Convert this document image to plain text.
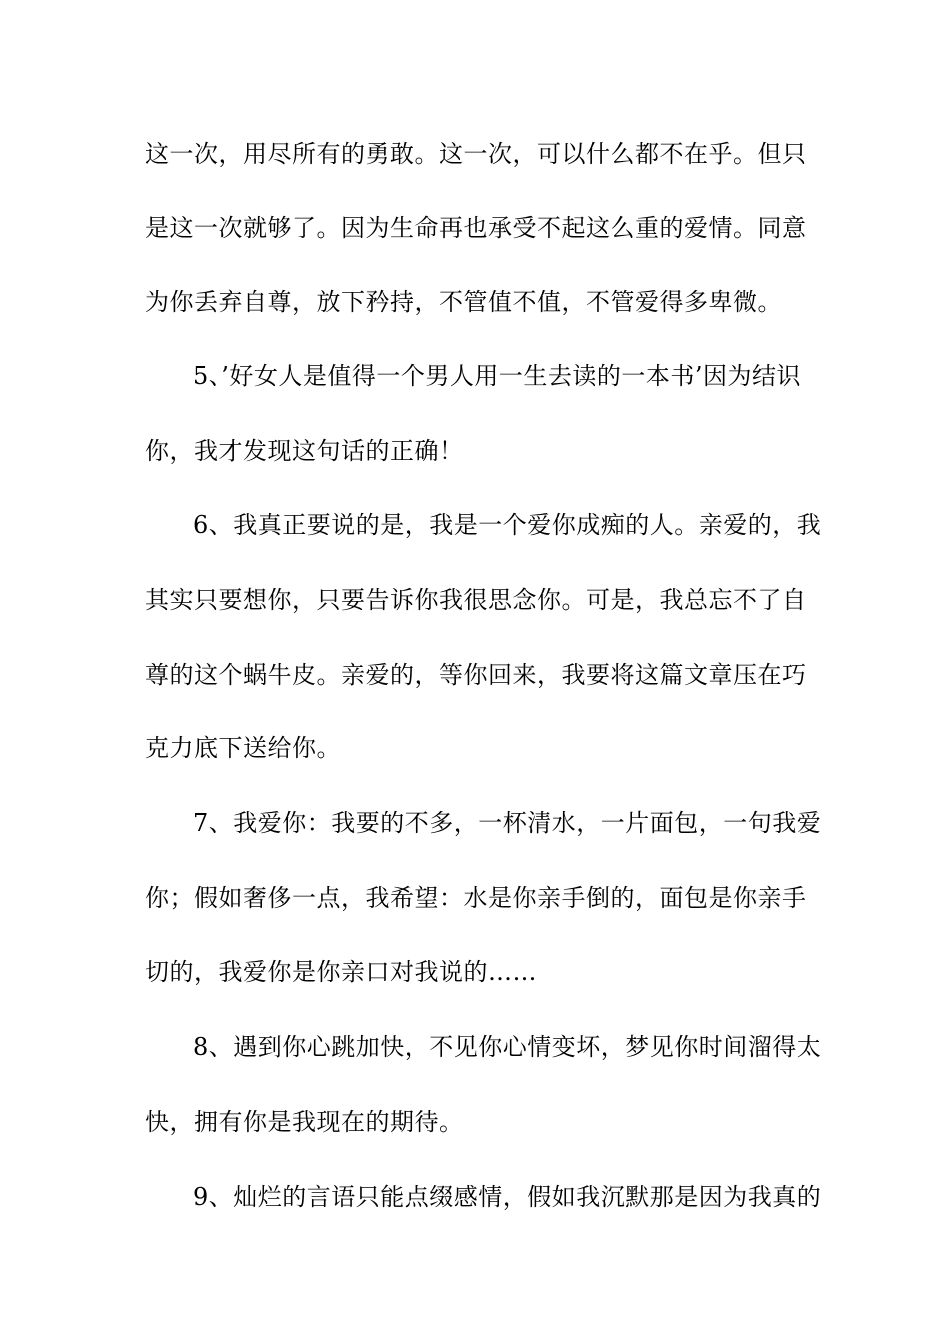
这一次，用尽所有的勇敢。这一次，可以什么都不在乎。但只
是这一次就够了。因为生命再也承受不起这么重的爱情。同意
为你丢弃自尊，放下矜持，不管值不值，不管爱得多卑微。
5、’好女人是值得一个男人用一生去读的一本书’因为结识
你，我才发现这句话的正确！
6、我真正要说的是，我是一个爱你成痴的人。亲爱的，我
其实只要想你，只要告诉你我很思念你。可是，我总忘不了自
尊的这个蜗牛皮。亲爱的，等你回来，我要将这篇文章压在巧
克力底下送给你。
7、我爱你：我要的不多，一杯清水，一片面包，一句我爱
你；假如奢侈一点，我希望：水是你亲手倒的，面包是你亲手
切的，我爱你是你亲口对我说的……
8、遇到你心跳加快，不见你心情变坏，梦见你时间溜得太
快，拥有你是我现在的期待。
9、灿烂的言语只能点缀感情，假如我沉默那是因为我真的
